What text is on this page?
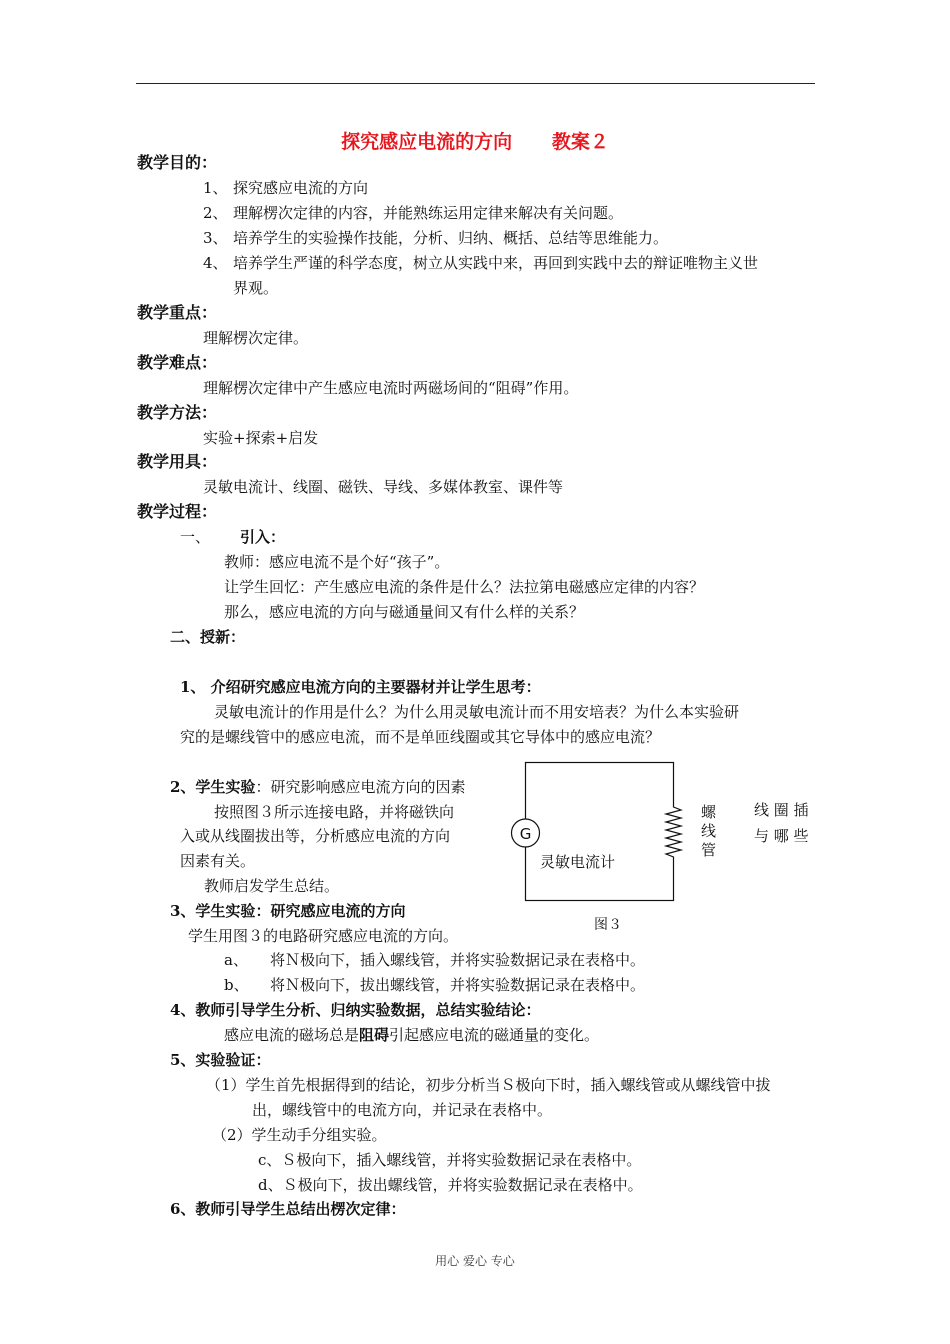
探究感应电流的方向 教案２
教学目的：
1、 探究感应电流的方向
2、 理解楞次定律的内容，并能熟练运用定律来解决有关问题。
3、 培养学生的实验操作技能，分析、归纳、概括、总结等思维能力。
4、 培养学生严谨的科学态度，树立从实践中来，再回到实践中去的辩证唯物主义世
界观。
教学重点：
理解楞次定律。
教学难点：
理解楞次定律中产生感应电流时两磁场间的“阻碍”作用。
教学方法：
实验+探索+启发
教学用具：
灵敏电流计、线圈、磁铁、导线、多媒体教室、课件等
教学过程：
一、 引入：
教师：感应电流不是个好“孩子”。
让学生回忆：产生感应电流的条件是什么？法拉第电磁感应定律的内容？
那么，感应电流的方向与磁通量间又有什么样的关系？
二、授新：
1、 介绍研究感应电流方向的主要器材并让学生思考：
灵敏电流计的作用是什么？为什么用灵敏电流计而不用安培表？为什么本实验研
究的是螺线管中的感应电流，而不是单匝线圈或其它导体中的感应电流？
2、学生实验：研究影响感应电流方向的因素
按照图３所示连接电路，并将磁铁向
入或从线圈拔出等，分析感应电流的方向
因素有关。
教师启发学生总结。
线 圈 插
与 哪 些
G
灵敏电流计
螺
线
管
图３
3、学生实验：研究感应电流的方向
学生用图３的电路研究感应电流的方向。
a、 将Ｎ极向下，插入螺线管，并将实验数据记录在表格中。
b、 将Ｎ极向下，拔出螺线管，并将实验数据记录在表格中。
4、教师引导学生分析、归纳实验数据，总结实验结论：
感应电流的磁场总是阻碍引起感应电流的磁通量的变化。
5、实验验证：
（1）学生首先根据得到的结论，初步分析当Ｓ极向下时，插入螺线管或从螺线管中拔
出，螺线管中的电流方向，并记录在表格中。
（2）学生动手分组实验。
c、Ｓ极向下，插入螺线管，并将实验数据记录在表格中。
d、Ｓ极向下，拔出螺线管，并将实验数据记录在表格中。
6、教师引导学生总结出楞次定律：
用心 爱心 专心
